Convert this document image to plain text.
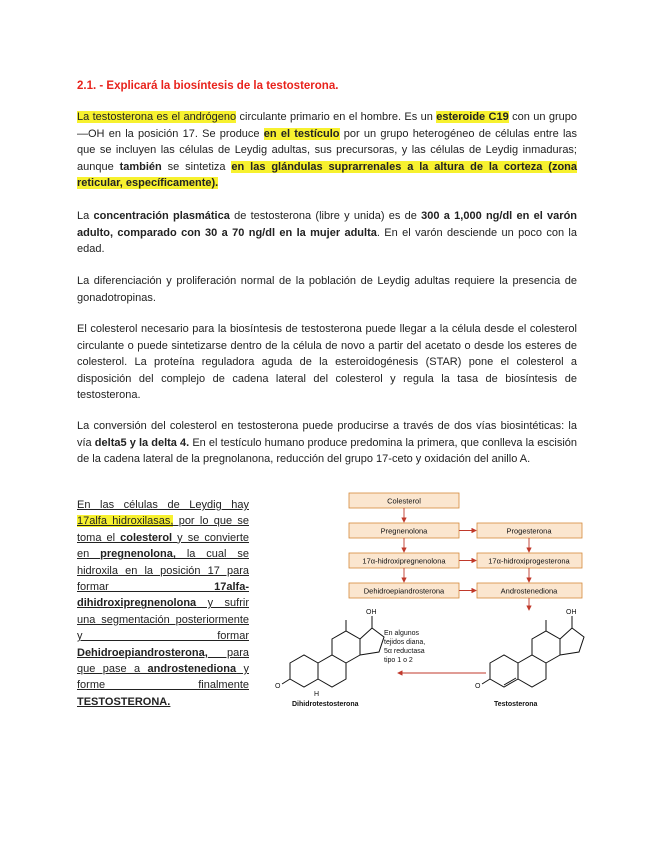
2.1. - Explicará la biosíntesis de la testosterona.

La testosterona es el andrógeno circulante primario en el hombre. Es un esteroide C19 con un grupo —OH en la posición 17. Se produce en el testículo por un grupo heterogéneo de células entre las que se incluyen las células de Leydig adultas, sus precursoras, y las células de Leydig inmaduras; aunque también se sintetiza en las glándulas suprarrenales a la altura de la corteza (zona reticular, específicamente).

La concentración plasmática de testosterona (libre y unida) es de 300 a 1,000 ng/dl en el varón adulto, comparado con 30 a 70 ng/dl en la mujer adulta. En el varón desciende un poco con la edad.

La diferenciación y proliferación normal de la población de Leydig adultas requiere la presencia de gonadotropinas.

El colesterol necesario para la biosíntesis de testosterona puede llegar a la célula desde el colesterol circulante o puede sintetizarse dentro de la célula de novo a partir del acetato o desde los esteres de colesterol. La proteína reguladora aguda de la esteroidogénesis (STAR) pone el colesterol a disposición del complejo de cadena lateral del colesterol y regula la tasa de biosíntesis de testosterona.

La conversión del colesterol en testosterona puede producirse a través de dos vías biosintéticas: la vía delta5 y la delta 4. En el testículo humano produce predomina la primera, que conlleva la escisión de la cadena lateral de la pregnolanona, reducción del grupo 17-ceto y oxidación del anillo A.

En las células de Leydig hay 17alfa hidroxilasas, por lo que se toma el colesterol y se convierte en pregnenolona, la cual se hidroxila en la posición 17 para formar 17alfa-dihidroxipregnenolona y sufrir una segmentación posteriormente y formar Dehidroepiandrosterona, para que pase a androstenediona y forme finalmente TESTOSTERONA.

Colesterol
Pregnenolona
17α-hidroxipregnenolona
Dehidroepiandrosterona
Progesterona
17α-hidroxiprogesterona
Androstenediona
O
OH
H
O
OH
En algunos
tejidos diana,
5α reductasa
tipo 1 o 2
Dihidrotestosterona	Testosterona
